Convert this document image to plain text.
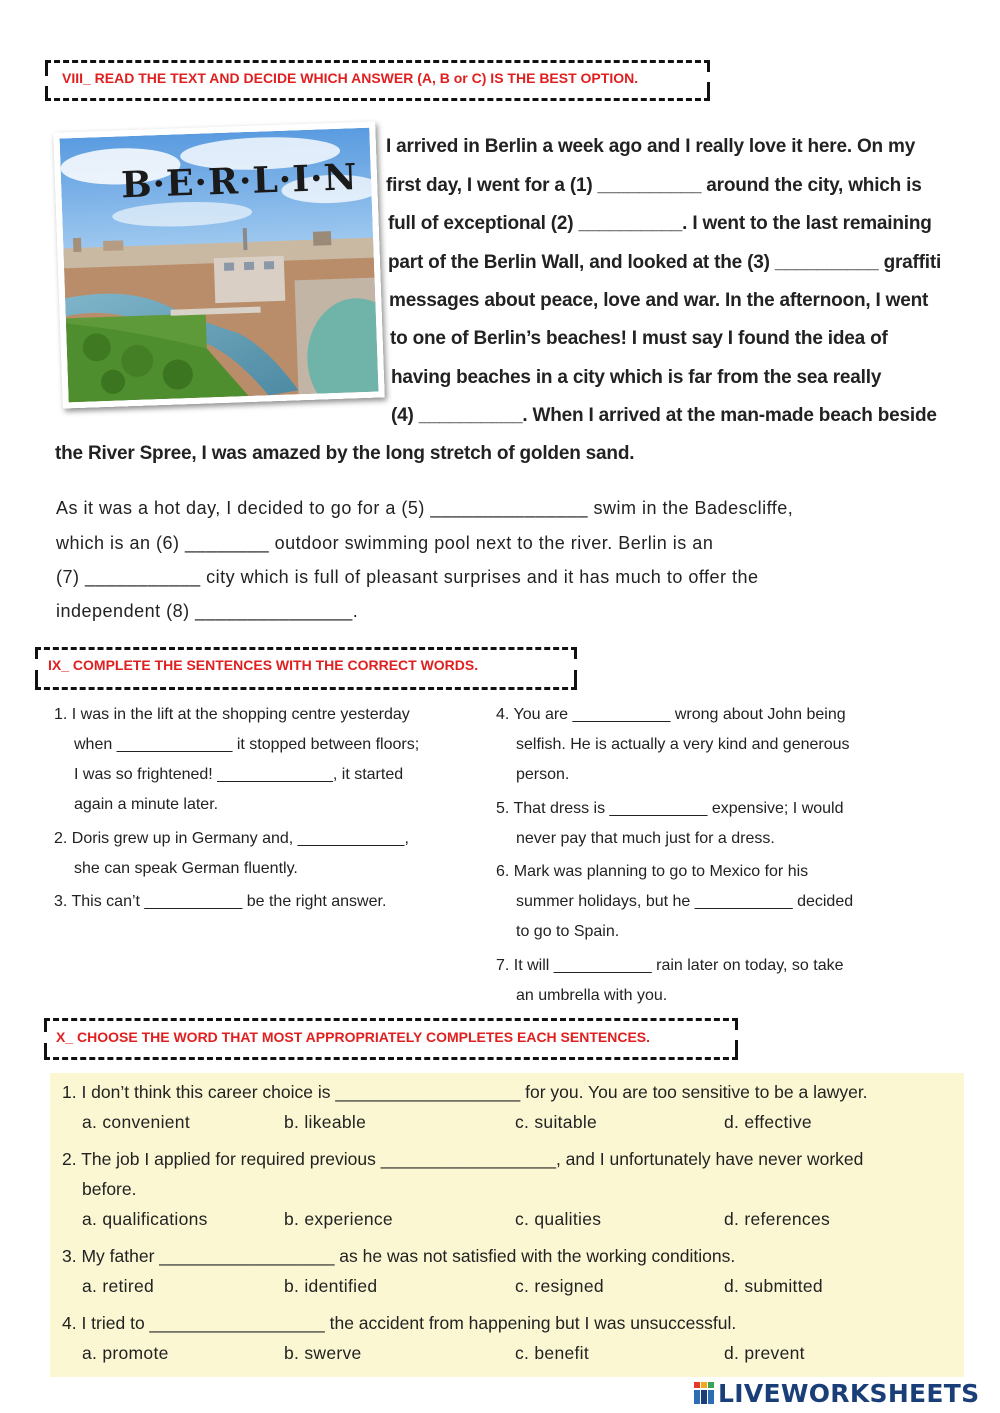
VIII_ READ THE TEXT AND DECIDE WHICH ANSWER (A, B or C) IS THE BEST OPTION.
B·E·R·L·I·N
I arrived in Berlin a week ago and I really love it here. On my
first day, I went for a (1) __________ around the city, which is
full of exceptional (2) __________. I went to the last remaining
part of the Berlin Wall, and looked at the (3) __________ graffiti
messages about peace, love and war. In the afternoon, I went
to one of Berlin’s beaches! I must say I found the idea of
having beaches in a city which is far from the sea really
(4) __________. When I arrived at the man-made beach beside
the River Spree, I was amazed by the long stretch of golden sand.
As it was a hot day, I decided to go for a (5) _______________ swim in the Badescliffe,
which is an (6) ________ outdoor swimming pool next to the river. Berlin is an
(7) ___________ city which is full of pleasant surprises and it has much to offer the
independent (8) _______________.
IX_ COMPLETE THE SENTENCES WITH THE CORRECT WORDS.
1. I was in the lift at the shopping centre yesterday
when _____________ it stopped between floors;
I was so frightened! _____________, it started
again a minute later.
2. Doris grew up in Germany and, ____________,
she can speak German fluently.
3. This can’t ___________ be the right answer.
4. You are ___________ wrong about John being
selfish. He is actually a very kind and generous
person.
5. That dress is ___________ expensive; I would
never pay that much just for a dress.
6. Mark was planning to go to Mexico for his
summer holidays, but he ___________ decided
to go to Spain.
7. It will ___________ rain later on today, so take
an umbrella with you.
X_ CHOOSE THE WORD THAT MOST APPROPRIATELY COMPLETES EACH SENTENCES.
1. I don’t think this career choice is ___________________ for you. You are too sensitive to be a lawyer.
a. convenient	b. likeable	c. suitable	d. effective
2. The job I applied for required previous __________________, and I unfortunately have never worked
before.
a. qualifications	b. experience	c. qualities	d. references
3. My father __________________ as he was not satisfied with the working conditions.
a. retired	b. identified	c. resigned	d. submitted
4. I tried to __________________ the accident from happening but I was unsuccessful.
a. promote	b. swerve	c. benefit	d. prevent
LIVEWORKSHEETS
